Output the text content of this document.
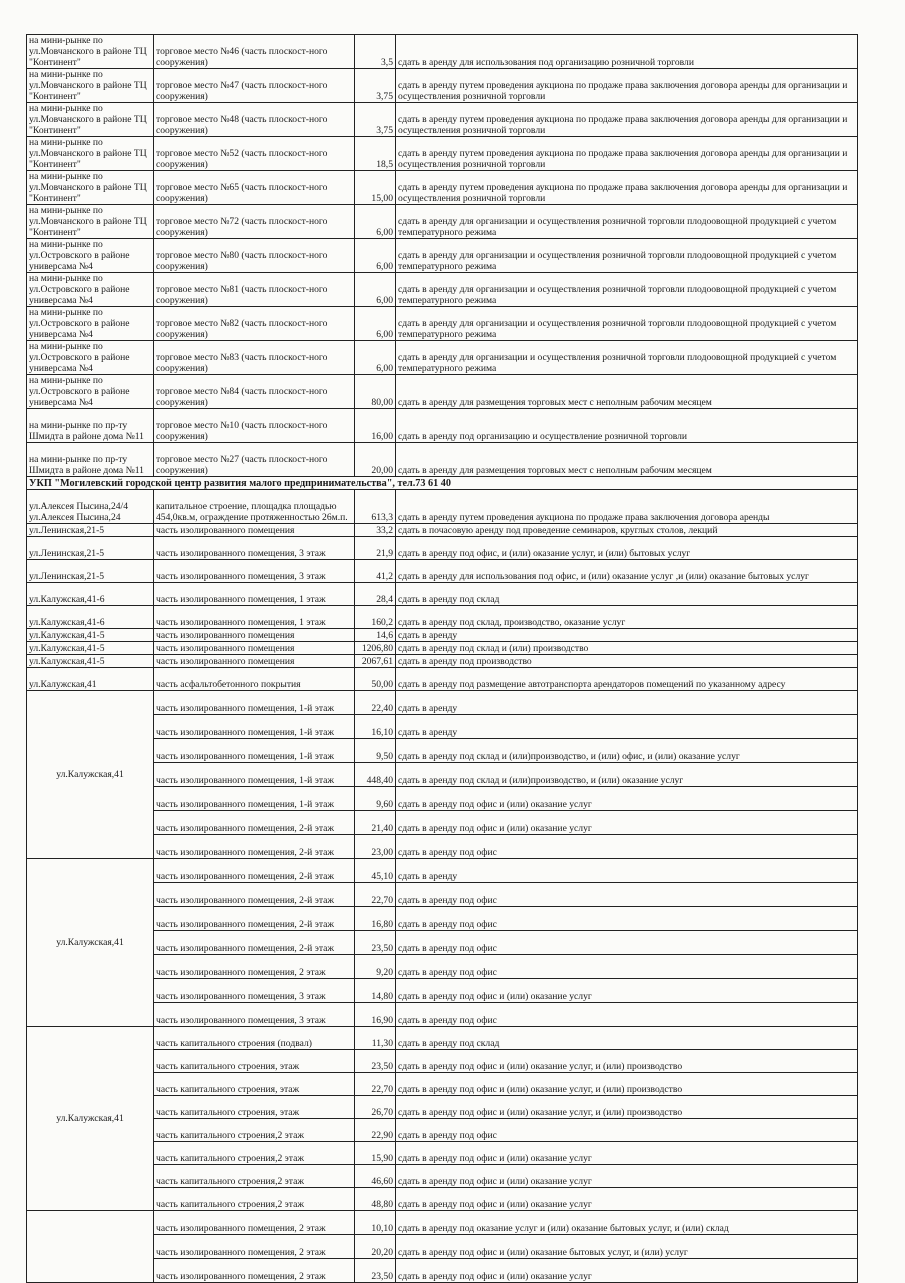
на мини-рынке по ул.Мовчанского в районе ТЦ "Континент"	торговое место №46 (часть плоскост-ного сооружения)	3,5	сдать в аренду для использования под организацию розничной торговли
на мини-рынке по ул.Мовчанского в районе ТЦ "Континент"	торговое место №47 (часть плоскост-ного сооружения)	3,75	сдать в аренду путем проведения аукциона по продаже права заключения договора аренды для организации и осуществления розничной торговли
на мини-рынке по ул.Мовчанского в районе ТЦ "Континент"	торговое место №48 (часть плоскост-ного сооружения)	3,75	сдать в аренду путем проведения аукциона по продаже права заключения договора аренды для организации и осуществления розничной торговли
на мини-рынке по ул.Мовчанского в районе ТЦ "Континент"	торговое место №52 (часть плоскост-ного сооружения)	18,5	сдать в аренду путем проведения аукциона по продаже права заключения договора аренды для организации и осуществления розничной торговли
на мини-рынке по ул.Мовчанского в районе ТЦ "Континент"	торговое место №65 (часть плоскост-ного сооружения)	15,00	сдать в аренду путем проведения аукциона по продаже права заключения договора аренды для организации и осуществления розничной торговли
на мини-рынке по ул.Мовчанского в районе ТЦ "Континент"	торговое место №72 (часть плоскост-ного сооружения)	6,00	сдать в аренду для организации и осуществления розничной торговли плодоовощной продукцией с учетом температурного режима
на мини-рынке по ул.Островского в районе универсама №4	торговое место №80 (часть плоскост-ного сооружения)	6,00	сдать в аренду для организации и осуществления розничной торговли плодоовощной продукцией с учетом температурного режима
на мини-рынке по ул.Островского в районе универсама №4	торговое место №81 (часть плоскост-ного сооружения)	6,00	сдать в аренду для организации и осуществления розничной торговли плодоовощной продукцией с учетом температурного режима
на мини-рынке по ул.Островского в районе универсама №4	торговое место №82 (часть плоскост-ного сооружения)	6,00	сдать в аренду для организации и осуществления розничной торговли плодоовощной продукцией с учетом температурного режима
на мини-рынке по ул.Островского в районе универсама №4	торговое место №83 (часть плоскост-ного сооружения)	6,00	сдать в аренду для организации и осуществления розничной торговли плодоовощной продукцией с учетом температурного режима
на мини-рынке по ул.Островского в районе универсама №4	торговое место №84 (часть плоскост-ного сооружения)	80,00	сдать в аренду для размещения торговых мест с неполным рабочим месяцем
на мини-рынке по пр-ту Шмидта в районе дома №11	торговое место №10 (часть плоскост-ного сооружения)	16,00	сдать в аренду под организацию и осуществление розничной торговли
на мини-рынке по пр-ту Шмидта в районе дома №11	торговое место №27 (часть плоскост-ного сооружения)	20,00	сдать в аренду для размещения торговых мест с неполным рабочим месяцем
УКП "Могилевский городской центр развития малого предпринимательства", тел.73 61 40			
ул.Алексея Пысина,24/4 ул.Алексея Пысина,24	капитальное строение, площадка площадью 454,0кв.м, ограждение протяженностью 26м.п.	613,3	сдать в аренду путем проведения аукциона по продаже права заключения договора аренды
ул.Ленинская,21-5	часть изолированного помещения	33,2	сдать в почасовую аренду под проведение семинаров, круглых столов, лекций
ул.Ленинская,21-5	часть изолированного помещения, 3 этаж	21,9	сдать в аренду под офис, и (или) оказание услуг, и (или) бытовых услуг
ул.Ленинская,21-5	часть изолированного помещения, 3 этаж	41,2	сдать в аренду для использования под офис, и (или) оказание услуг ,и (или) оказание бытовых услуг
ул.Калужская,41-6	часть изолированного помещения, 1 этаж	28,4	сдать в аренду под склад
ул.Калужская,41-6	часть изолированного помещения, 1 этаж	160,2	сдать в аренду под склад, производство, оказание услуг
ул.Калужская,41-5	часть изолированного помещения	14,6	сдать в аренду
ул.Калужская,41-5	часть изолированного помещения	1206,80	сдать в аренду под склад и (или) производство
ул.Калужская,41-5	часть изолированного помещения	2067,61	сдать в аренду под производство
ул.Калужская,41	часть асфальтобетонного покрытия	50,00	сдать в аренду под размещение автотранспорта арендаторов помещений по указанному адресу
ул.Калужская,41	часть изолированного помещения, 1-й этаж	22,40	сдать в аренду
	часть изолированного помещения, 1-й этаж	16,10	сдать в аренду
	часть изолированного помещения, 1-й этаж	9,50	сдать в аренду под склад и (или)производство, и (или) офис, и (или) оказание услуг
	часть изолированного помещения, 1-й этаж	448,40	сдать в аренду под склад и (или)производство, и (или) оказание услуг
	часть изолированного помещения, 1-й этаж	9,60	сдать в аренду под офис и (или) оказание услуг
	часть изолированного помещения, 2-й этаж	21,40	сдать в аренду под офис и (или) оказание услуг
	часть изолированного помещения, 2-й этаж	23,00	сдать в аренду под офис
ул.Калужская,41	часть изолированного помещения, 2-й этаж	45,10	сдать в аренду
	часть изолированного помещения, 2-й этаж	22,70	сдать в аренду под офис
	часть изолированного помещения, 2-й этаж	16,80	сдать в аренду под офис
	часть изолированного помещения, 2-й этаж	23,50	сдать в аренду под офис
	часть изолированного помещения, 2 этаж	9,20	сдать в аренду под офис
	часть изолированного помещения, 3 этаж	14,80	сдать в аренду под офис и (или) оказание услуг
	часть изолированного помещения, 3 этаж	16,90	сдать в аренду под офис
ул.Калужская,41	часть капитального строения (подвал)	11,30	сдать в аренду под склад
	часть капитального строения, этаж	23,50	сдать в аренду под офис и (или) оказание услуг, и (или) производство
	часть капитального строения, этаж	22,70	сдать в аренду под офис и (или) оказание услуг, и (или) производство
	часть капитального строения, этаж	26,70	сдать в аренду под офис и (или) оказание услуг, и (или) производство
	часть капитального строения,2 этаж	22,90	сдать в аренду под офис
	часть капитального строения,2 этаж	15,90	сдать в аренду под офис и (или) оказание услуг
	часть капитального строения,2 этаж	46,60	сдать в аренду под офис и (или) оказание услуг
	часть капитального строения,2 этаж	48,80	сдать в аренду под офис и (или) оказание услуг
	часть изолированного помещения, 2 этаж	10,10	сдать в аренду под оказание услуг и (или) оказание бытовых услуг, и (или) склад
	часть изолированного помещения, 2 этаж	20,20	сдать в аренду под офис и (или) оказание бытовых услуг, и (или) услуг
	часть изолированного помещения, 2 этаж	23,50	сдать в аренду под офис и (или) оказание услуг
